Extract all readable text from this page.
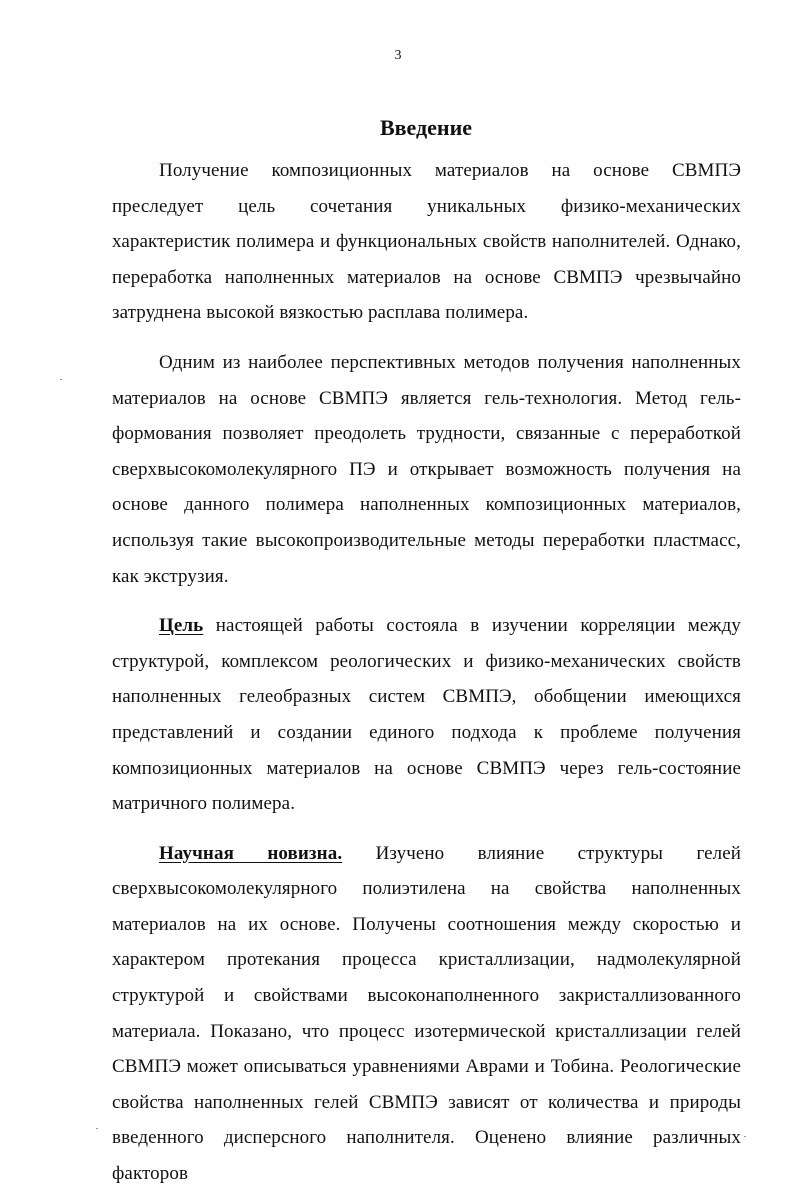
3
Введение

Получение композиционных материалов на основе СВМПЭ преследует цель сочетания уникальных физико-механических характеристик полимера и функциональных свойств наполнителей. Однако, переработка наполненных материалов на основе СВМПЭ чрезвычайно затруднена высокой вязкостью расплава полимера.

Одним из наиболее перспективных методов получения наполненных материалов на основе СВМПЭ является гель-технология. Метод гель-формования позволяет преодолеть трудности, связанные с переработкой сверхвысокомолекулярного ПЭ и открывает возможность получения на основе данного полимера наполненных композиционных материалов, используя такие высокопроизводительные методы переработки пластмасс, как экструзия.

Цель настоящей работы состояла в изучении корреляции между структурой, комплексом реологических и физико-механических свойств наполненных гелеобразных систем СВМПЭ, обобщении имеющихся представлений и создании единого подхода к проблеме получения композиционных материалов на основе СВМПЭ через гель-состояние матричного полимера.

Научная новизна. Изучено влияние структуры гелей сверхвысокомолекулярного полиэтилена на свойства наполненных материалов на их основе. Получены соотношения между скоростью и характером протекания процесса кристаллизации, надмолекулярной структурой и свойствами высоконаполненного закристаллизованного материала. Показано, что процесс изотермической кристаллизации гелей СВМПЭ может описываться уравнениями Аврами и Тобина. Реологические свойства наполненных гелей СВМПЭ зависят от количества и природы введенного дисперсного наполнителя. Оценено влияние различных факторов
